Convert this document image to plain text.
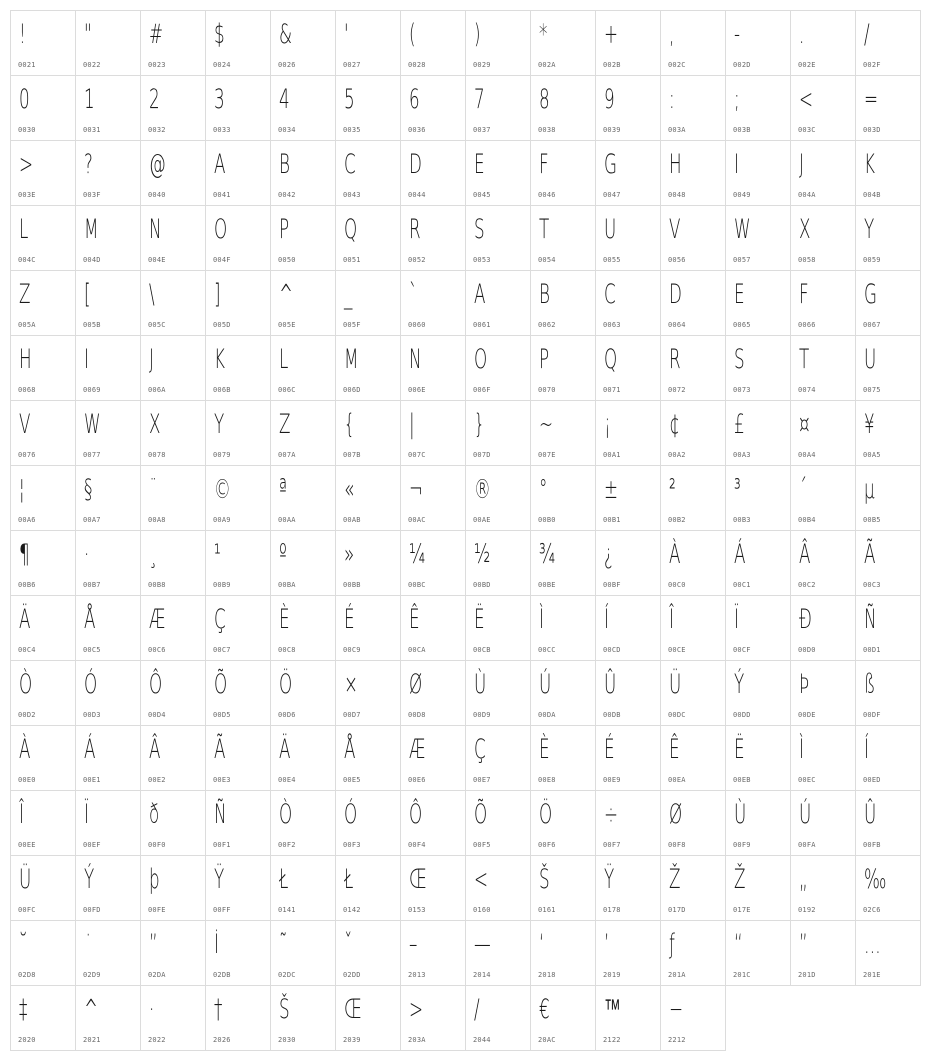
!
0021
"
0022
#
0023
$
0024
&
0026
'
0027
(
0028
)
0029
*
002A
+
002B
,
002C
-
002D
.
002E
/
002F
0
0030
1
0031
2
0032
3
0033
4
0034
5
0035
6
0036
7
0037
8
0038
9
0039
:
003A
;
003B
<
003C
=
003D
>
003E
?
003F
@
0040
A
0041
B
0042
C
0043
D
0044
E
0045
F
0046
G
0047
H
0048
I
0049
J
004A
K
004B
L
004C
M
004D
N
004E
O
004F
P
0050
Q
0051
R
0052
S
0053
T
0054
U
0055
V
0056
W
0057
X
0058
Y
0059
Z
005A
[
005B
\
005C
]
005D
^
005E
_
005F
`
0060
A
0061
B
0062
C
0063
D
0064
E
0065
F
0066
G
0067
H
0068
I
0069
J
006A
K
006B
L
006C
M
006D
N
006E
O
006F
P
0070
Q
0071
R
0072
S
0073
T
0074
U
0075
V
0076
W
0077
X
0078
Y
0079
Z
007A
{
007B
|
007C
}
007D
~
007E
¡
00A1
¢
00A2
£
00A3
¤
00A4
¥
00A5
¦
00A6
§
00A7
¨
00A8
©
00A9
ª
00AA
«
00AB
¬
00AC
®
00AE
°
00B0
±
00B1
²
00B2
³
00B3
´
00B4
µ
00B5
¶
00B6
·
00B7
¸
00B8
¹
00B9
º
00BA
»
00BB
¼
00BC
½
00BD
¾
00BE
¿
00BF
À
00C0
Á
00C1
Â
00C2
Ã
00C3
Ä
00C4
Å
00C5
Æ
00C6
Ç
00C7
È
00C8
É
00C9
Ê
00CA
Ë
00CB
Ì
00CC
Í
00CD
Î
00CE
Ï
00CF
Ð
00D0
Ñ
00D1
Ò
00D2
Ó
00D3
Ô
00D4
Õ
00D5
Ö
00D6
×
00D7
Ø
00D8
Ù
00D9
Ú
00DA
Û
00DB
Ü
00DC
Ý
00DD
Þ
00DE
ß
00DF
À
00E0
Á
00E1
Â
00E2
Ã
00E3
Ä
00E4
Å
00E5
Æ
00E6
Ç
00E7
È
00E8
É
00E9
Ê
00EA
Ë
00EB
Ì
00EC
Í
00ED
Î
00EE
Ï
00EF
ð
00F0
Ñ
00F1
Ò
00F2
Ó
00F3
Ô
00F4
Õ
00F5
Ö
00F6
÷
00F7
Ø
00F8
Ù
00F9
Ú
00FA
Û
00FB
Ü
00FC
Ý
00FD
þ
00FE
Ÿ
00FF
Ł
0141
Ł
0142
Œ
0153
<
0160
Š
0161
Ÿ
0178
Ž
017D
Ž
017E
„
0192
‰
02C6
˘
02D8
˙
02D9
”
02DA
İ
02DB
˜
02DC
ˇ
02DD
–
2013
—
2014
‘
2018
’
2019
ƒ
201A
“
201C
”
201D
…
201E
‡
2020
^
2021
·
2022
†
2026
Š
2030
Œ
2039
>
203A
/
2044
€
20AC
™
2122
−
2212
